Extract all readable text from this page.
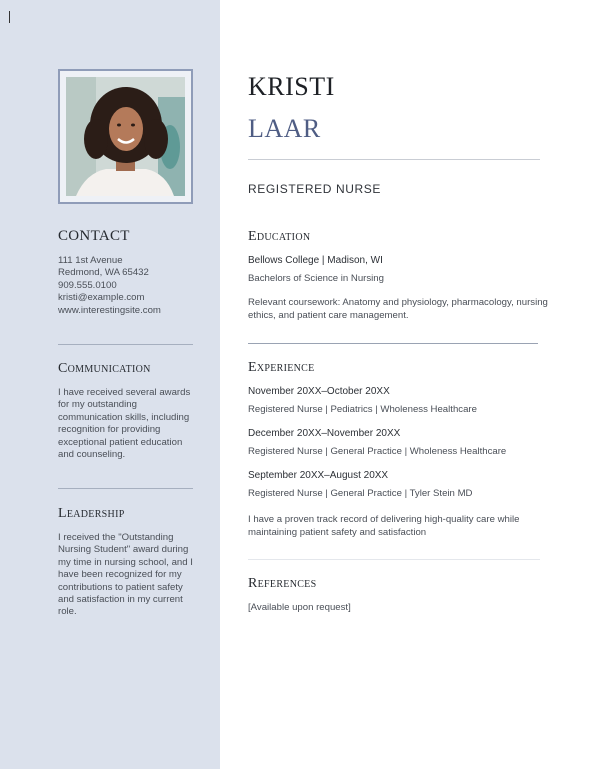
CONTACT
111 1st Avenue
Redmond, WA 65432
909.555.0100
kristi@example.com
www.interestingsite.com
Communication
I have received several awards
for my outstanding
communication skills, including
recognition for providing
exceptional patient education
and counseling.
Leadership
I received the "Outstanding
Nursing Student" award during
my time in nursing school, and I
have been recognized for my
contributions to patient safety
and satisfaction in my current
role.
KRISTI
LAAR
REGISTERED NURSE
Education
Bellows College | Madison, WI
Bachelors of Science in Nursing
Relevant coursework: Anatomy and physiology, pharmacology, nursing
ethics, and patient care management.
Experience
November 20XX–October 20XX
Registered Nurse | Pediatrics | Wholeness Healthcare
December 20XX–November 20XX
Registered Nurse | General Practice | Wholeness Healthcare
September 20XX–August 20XX
Registered Nurse | General Practice | Tyler Stein MD
I have a proven track record of delivering high-quality care while
maintaining patient safety and satisfaction
References
[Available upon request]
